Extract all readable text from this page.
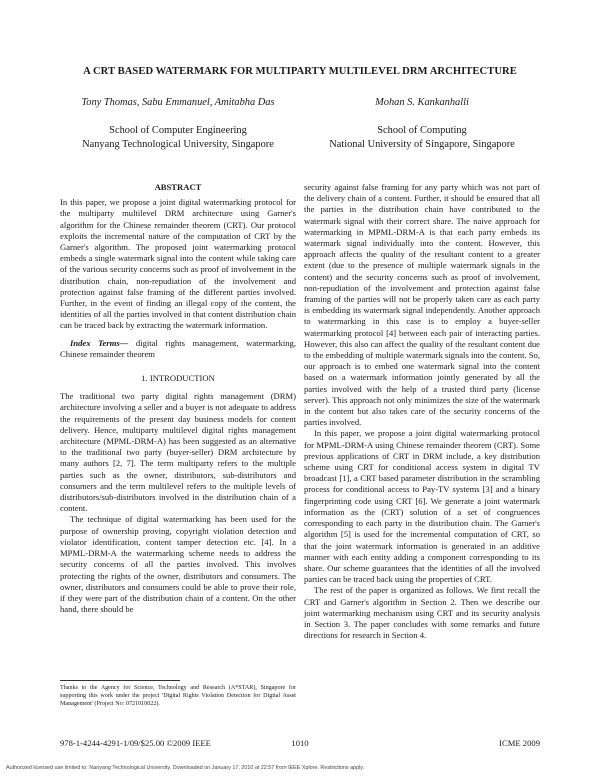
A CRT BASED WATERMARK FOR MULTIPARTY MULTILEVEL DRM ARCHITECTURE
Tony Thomas, Sabu Emmanuel, Amitabha Das	Mohan S. Kankanhalli
School of Computer Engineering
Nanyang Technological University, Singapore
School of Computing
National University of Singapore, Singapore

ABSTRACT

In this paper, we propose a joint digital watermarking protocol for the multiparty multilevel DRM architecture using Garner's algorithm for the Chinese remainder theorem (CRT). Our protocol exploits the incremental nature of the computation of CRT by the Garner's algorithm. The proposed joint watermarking protocol embeds a single watermark signal into the content while taking care of the various security concerns such as proof of involvement in the distribution chain, non-repudiation of the involvement and protection against false framing of the different parties involved. Further, in the event of finding an illegal copy of the content, the identities of all the parties involved in that content distribution chain can be traced back by extracting the watermark information.

Index Terms— digital rights management, watermarking, Chinese remainder theorem

1. INTRODUCTION

The traditional two party digital rights management (DRM) architecture involving a seller and a buyer is not adequate to address the requirements of the present day business models for content delivery. Hence, multiparty multilevel digital rights management architecture (MPML-DRM-A) has been suggested as an alternative to the traditional two party (buyer-seller) DRM architecture by many authors [2, 7]. The term multiparty refers to the multiple parties such as the owner, distributors, sub-distributors and consumers and the term multilevel refers to the multiple levels of distributors/sub-distributors involved in the distribution chain of a content.

The technique of digital watermarking has been used for the purpose of ownership proving, copyright violation detection and violator identification, content tamper detection etc. [4]. In a MPML-DRM-A the watermarking scheme needs to address the security concerns of all the parties involved. This involves protecting the rights of the owner, distributors and consumers. The owner, distributors and consumers could be able to prove their role, if they were part of the distribution chain of a content. On the other hand, there should be

Thanks to the Agency for Science, Technology and Research (A*STAR), Singapore for supporting this work under the project 'Digital Rights Violation Detection for Digital Asset Management' (Project No: 0721010022).

security against false framing for any party which was not part of the delivery chain of a content. Further, it should be ensured that all the parties in the distribution chain have contributed to the watermark signal with their correct share. The naive approach for watermarking in MPML-DRM-A is that each party embeds its watermark signal individually into the content. However, this approach affects the quality of the resultant content to a greater extent (due to the presence of multiple watermark signals in the content) and the security concerns such as proof of involvement, non-repudiation of the involvement and protection against false framing of the parties will not be properly taken care as each party is embedding its watermark signal independently. Another approach to watermarking in this case is to employ a buyer-seller watermarking protocol [4] between each pair of interacting parties. However, this also can affect the quality of the resultant content due to the embedding of multiple watermark signals into the content. So, our approach is to embed one watermark signal into the content based on a watermark information jointly generated by all the parties involved with the help of a trusted third party (license server). This approach not only minimizes the size of the watermark in the content but also takes care of the security concerns of the parties involved.

In this paper, we propose a joint digital watermarking protocol for MPML-DRM-A using Chinese remainder theorem (CRT). Some previous applications of CRT in DRM include, a key distribution scheme using CRT for conditional access system in digital TV broadcast [1], a CRT based parameter distribution in the scrambling process for conditional access to Pay-TV systems [3] and a binary fingerprinting code using CRT [6]. We generate a joint watermark information as the (CRT) solution of a set of congruences corresponding to each party in the distribution chain. The Garner's algorithm [5] is used for the incremental computation of CRT, so that the joint watermark information is generated in an additive manner with each entity adding a component corresponding to its share. Our scheme guarantees that the identities of all the involved parties can be traced back using the properties of CRT.

The rest of the paper is organized as follows. We first recall the CRT and Garner's algorithm in Section 2. Then we describe our joint watermarking mechanism using CRT and its security analysis in Section 3. The paper concludes with some remarks and future directions for research in Section 4.

978-1-4244-4291-1/09/$25.00 ©2009 IEEE	1010	ICME 2009
Authorized licensed use limited to: Nanyang Technological University. Downloaded on January 17, 2010 at 22:57 from IEEE Xplore. Restrictions apply.
